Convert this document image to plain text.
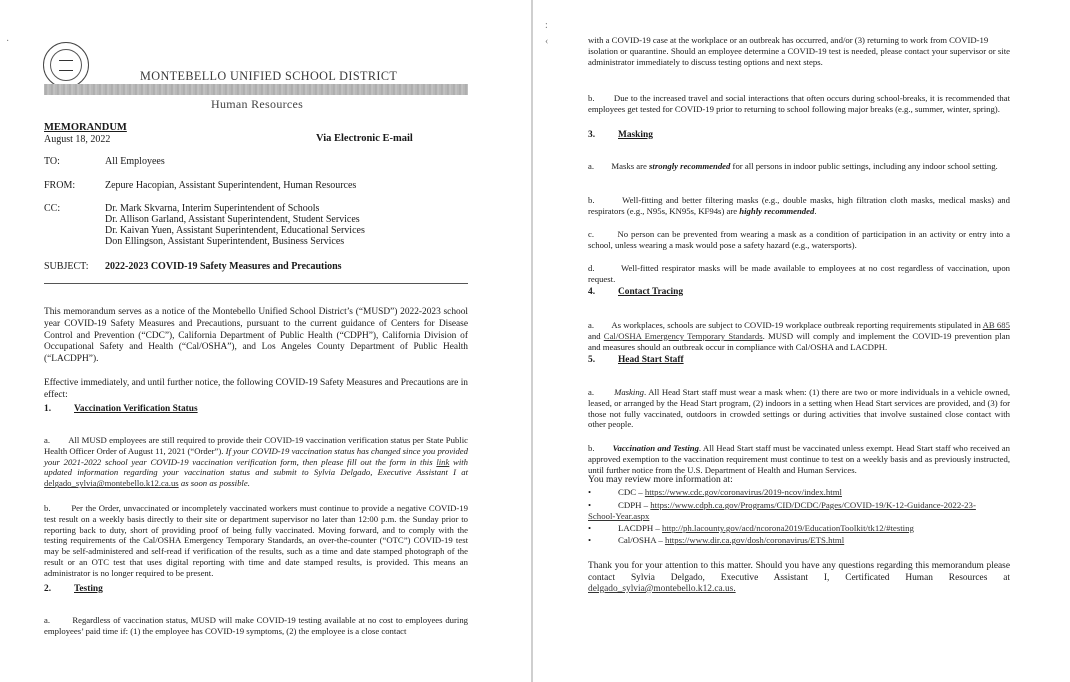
·
MONTEBELLO UNIFIED SCHOOL DISTRICT
Human Resources
MEMORANDUM
August 18, 2022	Via Electronic E-mail
TO:	All Employees
FROM:	Zepure Hacopian, Assistant Superintendent, Human Resources
CC:	Dr. Mark Skvarna, Interim Superintendent of Schools
Dr. Allison Garland, Assistant Superintendent, Student Services
Dr. Kaivan Yuen, Assistant Superintendent, Educational Services
Don Ellingson, Assistant Superintendent, Business Services
SUBJECT: 2022-2023 COVID-19 Safety Measures and Precautions

This memorandum serves as a notice of the Montebello Unified School District’s (“MUSD”) 2022-2023 school year COVID-19 Safety Measures and Precautions, pursuant to the current guidance of Centers for Disease Control and Prevention (“CDC”), California Department of Public Health (“CDPH”), California Division of Occupational Safety and Health (“Cal/OSHA”), and Los Angeles County Department of Public Health (“LACDPH”).

Effective immediately, and until further notice, the following COVID-19 Safety Measures and Precautions are in effect:

1. Vaccination Verification Status

a. All MUSD employees are still required to provide their COVID-19 vaccination verification status per State Public Health Officer Order of August 11, 2021 (“Order”). If your COVID-19 vaccination status has changed since you provided your 2021-2022 school year COVID-19 vaccination verification form, then please fill out the form in this link with updated information regarding your vaccination status and submit to Sylvia Delgado, Executive Assistant I at delgado_sylvia@montebello.k12.ca.us as soon as possible.

b. Per the Order, unvaccinated or incompletely vaccinated workers must continue to provide a negative COVID-19 test result on a weekly basis directly to their site or department supervisor no later than 12:00 p.m. the Sunday prior to reporting back to duty, short of providing proof of being fully vaccinated. Moving forward, and to comply with the testing requirements of the Cal/OSHA Emergency Temporary Standards, an over-the-counter (“OTC”) COVID-19 test may be self-administered and self-read if verification of the results, such as a time and date stamped photograph of the result or an OTC test that uses digital reporting with time and date stamped results, is provided. This means an administrator is no longer required to be present.

2. Testing

a.	Regardless of vaccination status, MUSD will make COVID-19 testing available at no cost to employees during employees’ paid time if: (1) the employee has COVID-19 symptoms, (2) the employee is a close contact

:
‹	with a COVID-19 case at the workplace or an outbreak has occurred, and/or (3) returning to work from COVID-19
isolation or quarantine. Should an employee determine a COVID-19 test is needed, please contact your supervisor or site administrator immediately to discuss testing options and next steps.

b. Due to the increased travel and social interactions that often occurs during school-breaks, it is recommended that employees get tested for COVID-19 prior to returning to school following major breaks (e.g., summer, winter, spring).

3. Masking

a. Masks are strongly recommended for all persons in indoor public settings, including any indoor school setting.

b.	Well-fitting and better filtering masks (e.g., double masks, high filtration cloth masks, medical masks) and respirators (e.g., N95s, KN95s, KF94s) are highly recommended.

c.	No person can be prevented from wearing a mask as a condition of participation in an activity or entry into a school, unless wearing a mask would pose a safety hazard (e.g., watersports).

d.	Well-fitted respirator masks will be made available to employees at no cost regardless of vaccination, upon request.

4. Contact Tracing

a. As workplaces, schools are subject to COVID-19 workplace outbreak reporting requirements stipulated in AB 685 and Cal/OSHA Emergency Temporary Standards. MUSD will comply and implement the COVID-19 prevention plan and measures should an outbreak occur in compliance with Cal/OSHA and LACDPH.

5. Head Start Staff

a. Masking. All Head Start staff must wear a mask when: (1) there are two or more individuals in a vehicle owned, leased, or arranged by the Head Start program, (2) indoors in a setting when Head Start services are provided, and (3) for those not fully vaccinated, outdoors in crowded settings or during activities that involve sustained close contact with other people.

b. Vaccination and Testing. All Head Start staff must be vaccinated unless exempt. Head Start staff who received an approved exemption to the vaccination requirement must continue to test on a weekly basis and as previously instructed, until further notice from the U.S. Department of Health and Human Services.

You may review more information at:
•	CDC – https://www.cdc.gov/coronavirus/2019-ncov/index.html
•	CDPH – https://www.cdph.ca.gov/Programs/CID/DCDC/Pages/COVID-19/K-12-Guidance-2022-23-
School-Year.aspx
•	LACDPH – http://ph.lacounty.gov/acd/ncorona2019/EducationToolkit/tk12/#testing
•	Cal/OSHA – https://www.dir.ca.gov/dosh/coronavirus/ETS.html

Thank you for your attention to this matter. Should you have any questions regarding this memorandum please contact Sylvia Delgado, Executive Assistant I, Certificated Human Resources at delgado_sylvia@montebello.k12.ca.us.
